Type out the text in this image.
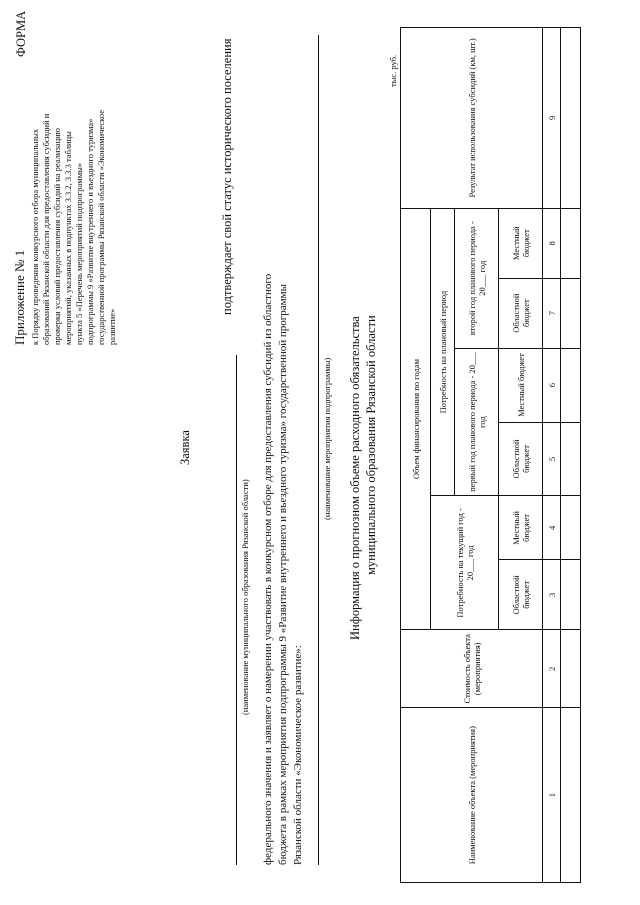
Приложение № 1 к Порядку проведения конкурсного отбора муниципальных образований Рязанской области для предоставления субсидий и проверки условий предоставления субсидий на реализацию мероприятий, указанных в подпунктах 3.3.2, 3.3.3 таблицы пункта 5 «Перечень мероприятий подпрограммы» подпрограммы 9 «Развитие внутреннего и въездного туризма» государственной программы Рязанской области «Экономическое развитие»
ФОРМА
Заявка
подтверждает свой статус исторического поселения
(наименование муниципального образования Рязанской области) федерального значения и заявляет о намерении участвовать в конкурсном отборе для предоставления субсидий из областного бюджета в рамках мероприятия подпрограммы 9 «Развитие внутреннего и въездного туризма» государственной программы Рязанской области «Экономическое развитие»:
(наименование мероприятия подпрограммы) Информация о прогнозном объеме расходного обязательства муниципального образования Рязанской области
тыс. руб.
Наименование объекта (мероприятия)	Стоимость объекта (мероприятия)	Объем финансирования по годам						Результат использования субсидий (км, шт.)
		Потребность на текущий год - 20___ год		Потребность на плановый период				
				первый год планового периода - 20___ год		второй год планового периода - 20___ год		
		Областной бюджет	Местный бюджет	Областной бюджет	Местный бюджет	Областной бюджет	Местный бюджет	
1	2	3	4	5	6	7	8	9
